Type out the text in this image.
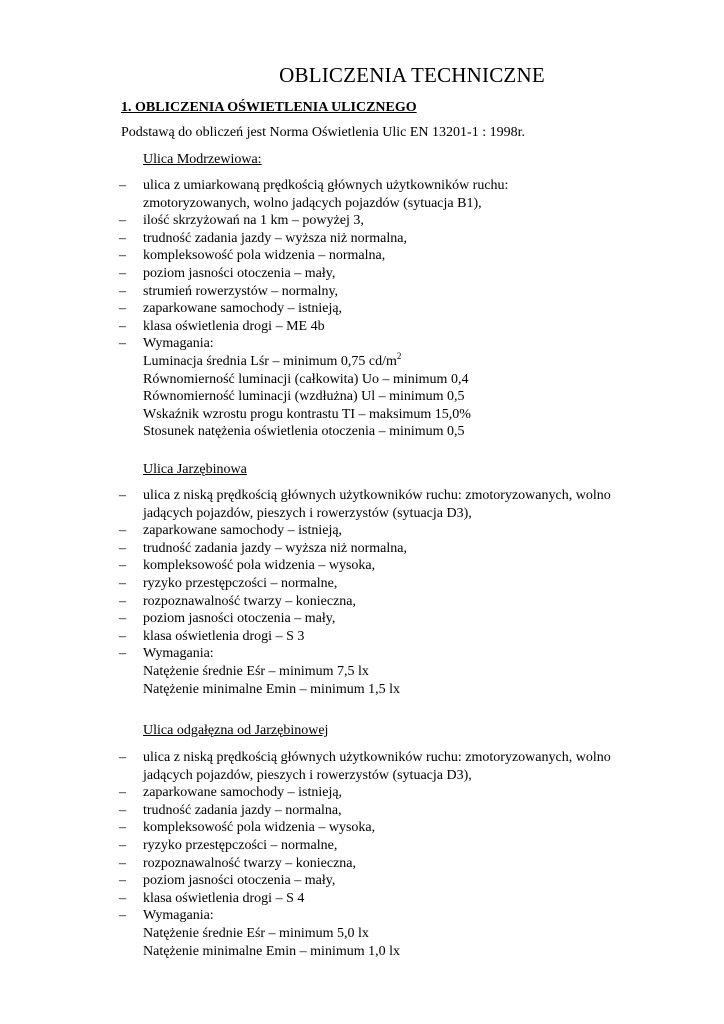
OBLICZENIA TECHNICZNE
1. OBLICZENIA OŚWIETLENIA ULICZNEGO
Podstawą do obliczeń jest Norma Oświetlenia Ulic EN 13201-1 : 1998r.
Ulica Modrzewiowa:
– ulica z umiarkowaną prędkością głównych użytkowników ruchu:
zmotoryzowanych, wolno jadących pojazdów (sytuacja B1),
– ilość skrzyżowań na 1 km – powyżej 3,
– trudność zadania jazdy – wyższa niż normalna,
– kompleksowość pola widzenia – normalna,
– poziom jasności otoczenia – mały,
– strumień rowerzystów – normalny,
– zaparkowane samochody – istnieją,
– klasa oświetlenia drogi – ME 4b
– Wymagania:
Luminacja średnia Lśr – minimum 0,75 $cd/m^2$
Równomierność luminacji (całkowita) Uo – minimum 0,4
Równomierność luminacji (wzdłużna) Ul – minimum 0,5
Wskaźnik wzrostu progu kontrastu TI – maksimum 15,0%
Stosunek natężenia oświetlenia otoczenia – minimum 0,5
Ulica Jarzębinowa
– ulica z niską prędkością głównych użytkowników ruchu: zmotoryzowanych, wolno
jadących pojazdów, pieszych i rowerzystów (sytuacja D3),
– zaparkowane samochody – istnieją,
– trudność zadania jazdy – wyższa niż normalna,
– kompleksowość pola widzenia – wysoka,
– ryzyko przestępczości – normalne,
– rozpoznawalność twarzy – konieczna,
– poziom jasności otoczenia – mały,
– klasa oświetlenia drogi – S 3
– Wymagania:
Natężenie średnie Eśr – minimum 7,5 lx
Natężenie minimalne Emin – minimum 1,5 lx
Ulica odgałęzna od Jarzębinowej
– ulica z niską prędkością głównych użytkowników ruchu: zmotoryzowanych, wolno
jadących pojazdów, pieszych i rowerzystów (sytuacja D3),
– zaparkowane samochody – istnieją,
– trudność zadania jazdy – normalna,
– kompleksowość pola widzenia – wysoka,
– ryzyko przestępczości – normalne,
– rozpoznawalność twarzy – konieczna,
– poziom jasności otoczenia – mały,
– klasa oświetlenia drogi – S 4
– Wymagania:
Natężenie średnie Eśr – minimum 5,0 lx
Natężenie minimalne Emin – minimum 1,0 lx
